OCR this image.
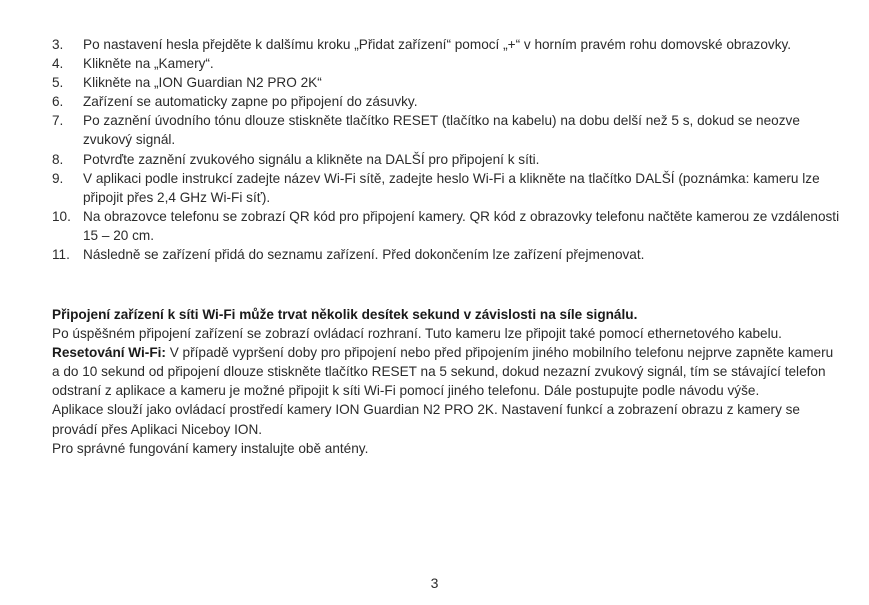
3.	Po nastavení hesla přejděte k dalšímu kroku „Přidat zařízení“ pomocí „+“ v horním pravém rohu domovské obrazovky.
4.	Klikněte na „Kamery“.
5.	Klikněte na „ION Guardian N2 PRO 2K“
6.	Zařízení se automaticky zapne po připojení do zásuvky.
7.	Po zaznění úvodního tónu dlouze stiskněte tlačítko RESET (tlačítko na kabelu) na dobu delší než 5 s, dokud se neozve zvukový signál.
8.	Potvrďte zaznění zvukového signálu a klikněte na DALŠÍ pro připojení k síti.
9.	V aplikaci podle instrukcí zadejte název Wi-Fi sítě, zadejte heslo Wi-Fi a klikněte na tlačítko DALŠÍ (poznámka: kameru lze připojit přes 2,4 GHz Wi-Fi síť).
10. Na obrazovce telefonu se zobrazí QR kód pro připojení kamery. QR kód z obrazovky telefonu načtěte kamerou ze vzdálenosti 15 – 20 cm.
11. Následně se zařízení přidá do seznamu zařízení. Před dokončením lze zařízení přejmenovat.

Připojení zařízení k síti Wi-Fi může trvat několik desítek sekund v závislosti na síle signálu.

Po úspěšném připojení zařízení se zobrazí ovládací rozhraní. Tuto kameru lze připojit také pomocí ethernetového kabelu.

Resetování Wi-Fi: V případě vypršení doby pro připojení nebo před připojením jiného mobilního telefonu nejprve zapněte kameru a do 10 sekund od připojení dlouze stiskněte tlačítko RESET na 5 sekund, dokud nezazní zvukový signál, tím se stávající telefon odstraní z aplikace a kameru je možné připojit k síti Wi-Fi pomocí jiného telefonu. Dále postupujte podle návodu výše.

Aplikace slouží jako ovládací prostředí kamery ION Guardian N2 PRO 2K. Nastavení funkcí a zobrazení obrazu z kamery se provádí přes Aplikaci Niceboy ION.

Pro správné fungování kamery instalujte obě antény.

3
